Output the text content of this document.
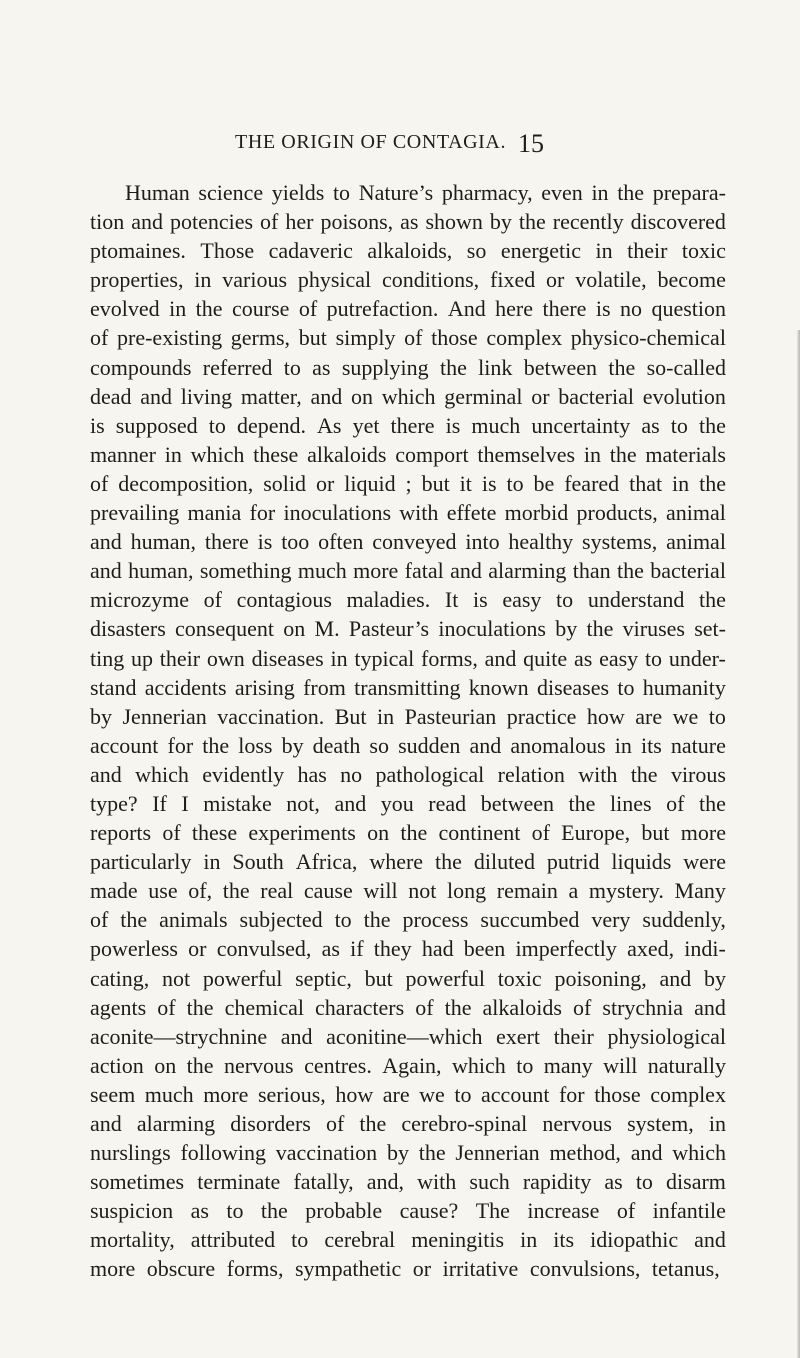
THE ORIGIN OF CONTAGIA. 15
Human science yields to Nature’s pharmacy, even in the prepara-
tion and potencies of her poisons, as shown by the recently discovered
ptomaines. Those cadaveric alkaloids, so energetic in their toxic
properties, in various physical conditions, fixed or volatile, become
evolved in the course of putrefaction. And here there is no question
of pre-existing germs, but simply of those complex physico-chemical
compounds referred to as supplying the link between the so-called
dead and living matter, and on which germinal or bacterial evolution
is supposed to depend. As yet there is much uncertainty as to the
manner in which these alkaloids comport themselves in the materials
of decomposition, solid or liquid ; but it is to be feared that in the
prevailing mania for inoculations with effete morbid products, animal
and human, there is too often conveyed into healthy systems, animal
and human, something much more fatal and alarming than the bacterial
microzyme of contagious maladies. It is easy to understand the
disasters consequent on M. Pasteur’s inoculations by the viruses set-
ting up their own diseases in typical forms, and quite as easy to under-
stand accidents arising from transmitting known diseases to humanity
by Jennerian vaccination. But in Pasteurian practice how are we to
account for the loss by death so sudden and anomalous in its nature
and which evidently has no pathological relation with the virous
type? If I mistake not, and you read between the lines of the
reports of these experiments on the continent of Europe, but more
particularly in South Africa, where the diluted putrid liquids were
made use of, the real cause will not long remain a mystery. Many
of the animals subjected to the process succumbed very suddenly,
powerless or convulsed, as if they had been imperfectly axed, indi-
cating, not powerful septic, but powerful toxic poisoning, and by
agents of the chemical characters of the alkaloids of strychnia and
aconite—strychnine and aconitine—which exert their physiological
action on the nervous centres. Again, which to many will naturally
seem much more serious, how are we to account for those complex
and alarming disorders of the cerebro-spinal nervous system, in
nurslings following vaccination by the Jennerian method, and which
sometimes terminate fatally, and, with such rapidity as to disarm
suspicion as to the probable cause? The increase of infantile
mortality, attributed to cerebral meningitis in its idiopathic and
more obscure forms, sympathetic or irritative convulsions, tetanus,
